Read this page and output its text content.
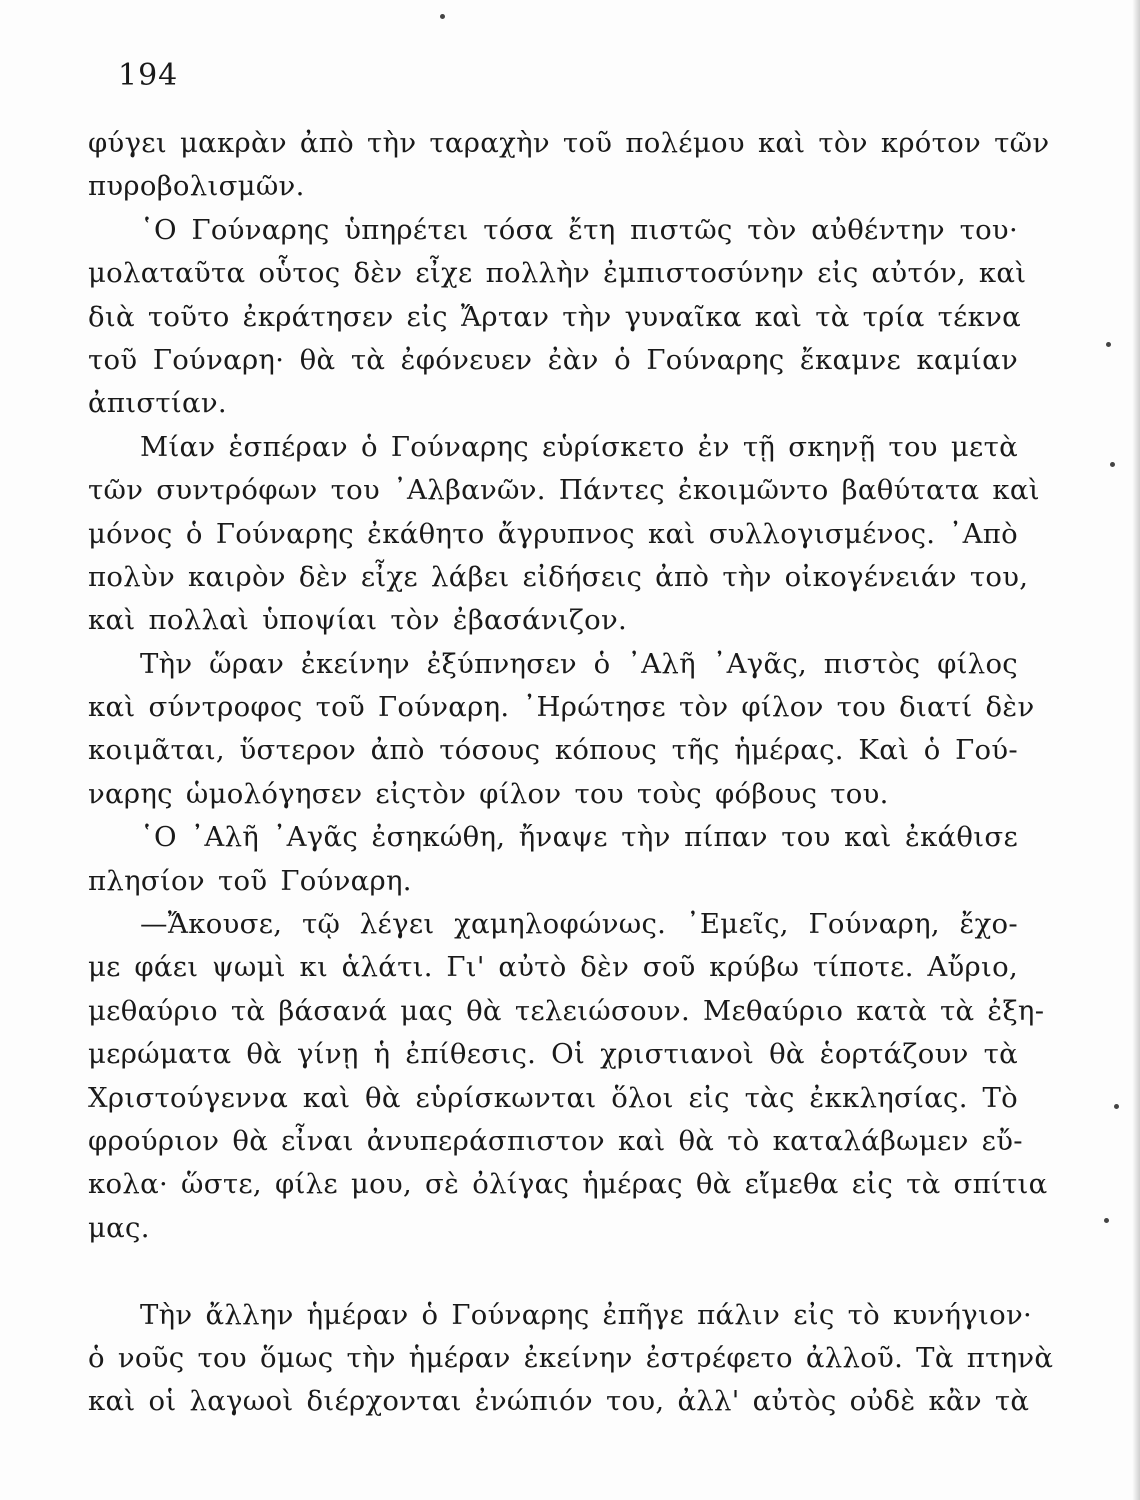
194
φύγει μακρὰν ἀπὸ τὴν ταραχὴν τοῦ πολέμου καὶ τὸν κρότον τῶν
πυροβολισμῶν.
῾Ο Γούναρης ὑπηρέτει τόσα ἔτη πιστῶς τὸν αὐθέντην του·
μολαταῦτα οὗτος δὲν εἶχε πολλὴν ἐμπιστοσύνην εἰς αὐτόν, καὶ
διὰ τοῦτο ἐκράτησεν εἰς Ἄρταν τὴν γυναῖκα καὶ τὰ τρία τέκνα
τοῦ Γούναρη· θὰ τὰ ἐφόνευεν ἐὰν ὁ Γούναρης ἔκαμνε καμίαν
ἀπιστίαν.
Μίαν ἑσπέραν ὁ Γούναρης εὑρίσκετο ἐν τῇ σκηνῇ του μετὰ
τῶν συντρόφων του ᾿Αλβανῶν. Πάντες ἐκοιμῶντο βαθύτατα καὶ
μόνος ὁ Γούναρης ἐκάθητο ἄγρυπνος καὶ συλλογισμένος. ᾿Απὸ
πολὺν καιρὸν δὲν εἶχε λάβει εἰδήσεις ἀπὸ τὴν οἰκογένειάν του,
καὶ πολλαὶ ὑποψίαι τὸν ἐβασάνιζον.
Τὴν ὥραν ἐκείνην ἐξύπνησεν ὁ ᾿Αλῆ ᾿Αγᾶς, πιστὸς φίλος
καὶ σύντροφος τοῦ Γούναρη. ᾿Ηρώτησε τὸν φίλον του διατί δὲν
κοιμᾶται, ὕστερον ἀπὸ τόσους κόπους τῆς ἡμέρας. Καὶ ὁ Γού-
ναρης ὡμολόγησεν εἰςτὸν φίλον του τοὺς φόβους του.
῾Ο ᾿Αλῆ ᾿Αγᾶς ἐσηκώθη, ἤναψε τὴν πίπαν του καὶ ἐκάθισε
πλησίον τοῦ Γούναρη.
—Ἄκουσε, τῷ λέγει χαμηλοφώνως. ᾿Εμεῖς, Γούναρη, ἔχο-
με φάει ψωμὶ κι ἁλάτι. Γι' αὐτὸ δὲν σοῦ κρύβω τίποτε. Αὔριο,
μεθαύριο τὰ βάσανά μας θὰ τελειώσουν. Μεθαύριο κατὰ τὰ ἐξη-
μερώματα θὰ γίνῃ ἡ ἐπίθεσις. Οἱ χριστιανοὶ θὰ ἑορτάζουν τὰ
Χριστούγεννα καὶ θὰ εὑρίσκωνται ὅλοι εἰς τὰς ἐκκλησίας. Τὸ
φρούριον θὰ εἶναι ἀνυπεράσπιστον καὶ θὰ τὸ καταλάβωμεν εὔ-
κολα· ὥστε, φίλε μου, σὲ ὀλίγας ἡμέρας θὰ εἴμεθα εἰς τὰ σπίτια
μας.
Τὴν ἄλλην ἡμέραν ὁ Γούναρης ἐπῆγε πάλιν εἰς τὸ κυνήγιον·
ὁ νοῦς του ὅμως τὴν ἡμέραν ἐκείνην ἐστρέφετο ἀλλοῦ. Τὰ πτηνὰ
καὶ οἱ λαγωοὶ διέρχονται ἐνώπιόν του, ἀλλ' αὐτὸς οὐδὲ κἂν τὰ
